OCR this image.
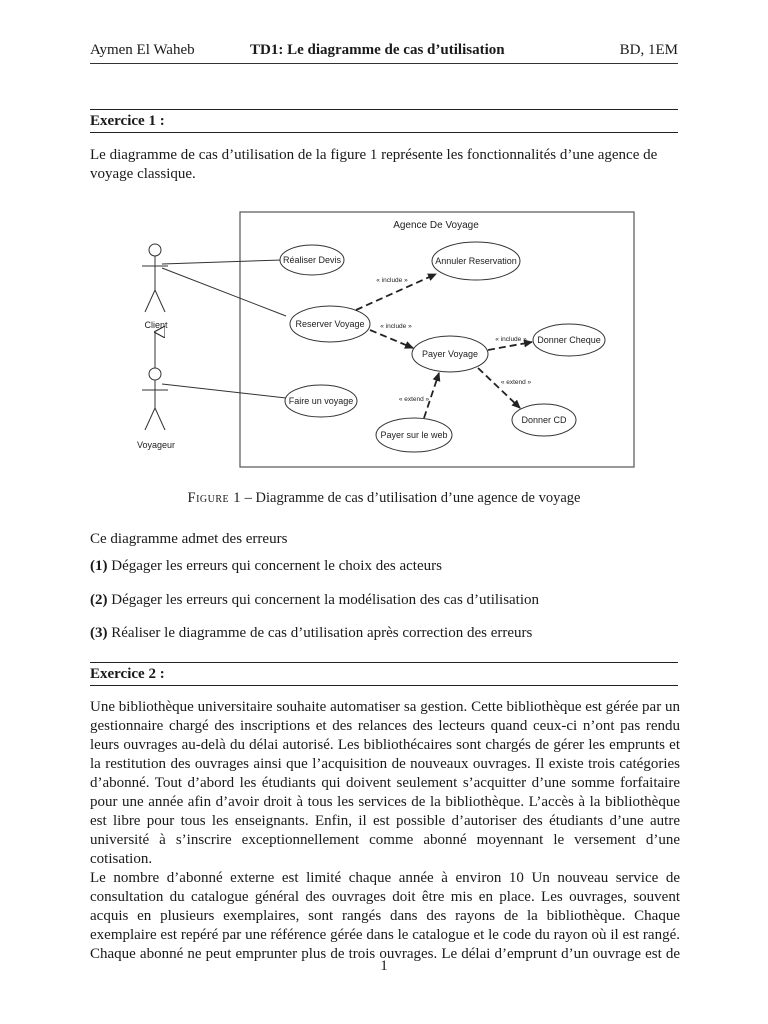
Aymen El Waheb	TD1: Le diagramme de cas d’utilisation	BD, 1EM
Exercice 1 :
Le diagramme de cas d’utilisation de la figure 1 représente les fonctionnalités d’une agence de
voyage classique.
Agence De Voyage
Client
Voyageur
Réaliser Devis	Annuler Reservation
Reserver Voyage
Payer Voyage
Donner Cheque
Faire un voyage
Donner CD
Payer sur le web
« include »
« include »
« include »
« extend »
« extend »
Figure 1 – Diagramme de cas d’utilisation d’une agence de voyage
Ce diagramme admet des erreurs
(1) Dégager les erreurs qui concernent le choix des acteurs
(2) Dégager les erreurs qui concernent la modélisation des cas d’utilisation
(3) Réaliser le diagramme de cas d’utilisation après correction des erreurs
Exercice 2 :
Une bibliothèque universitaire souhaite automatiser sa gestion. Cette bibliothèque est gérée par un
gestionnaire chargé des inscriptions et des relances des lecteurs quand ceux-ci n’ont pas rendu
leurs ouvrages au-delà du délai autorisé. Les bibliothécaires sont chargés de gérer les emprunts et
la restitution des ouvrages ainsi que l’acquisition de nouveaux ouvrages. Il existe trois catégories
d’abonné. Tout d’abord les étudiants qui doivent seulement s’acquitter d’une somme forfaitaire
pour une année afin d’avoir droit à tous les services de la bibliothèque. L’accès à la bibliothèque
est libre pour tous les enseignants. Enfin, il est possible d’autoriser des étudiants d’une autre
université à s’inscrire exceptionnellement comme abonné moyennant le versement d’une cotisation.
Le nombre d’abonné externe est limité chaque année à environ 10 Un nouveau service de
consultation du catalogue général des ouvrages doit être mis en place. Les ouvrages, souvent
acquis en plusieurs exemplaires, sont rangés dans des rayons de la bibliothèque. Chaque
exemplaire est repéré par une référence gérée dans le catalogue et le code du rayon où il est rangé.
Chaque abonné ne peut emprunter plus de trois ouvrages. Le délai d’emprunt d’un ouvrage est de
1
